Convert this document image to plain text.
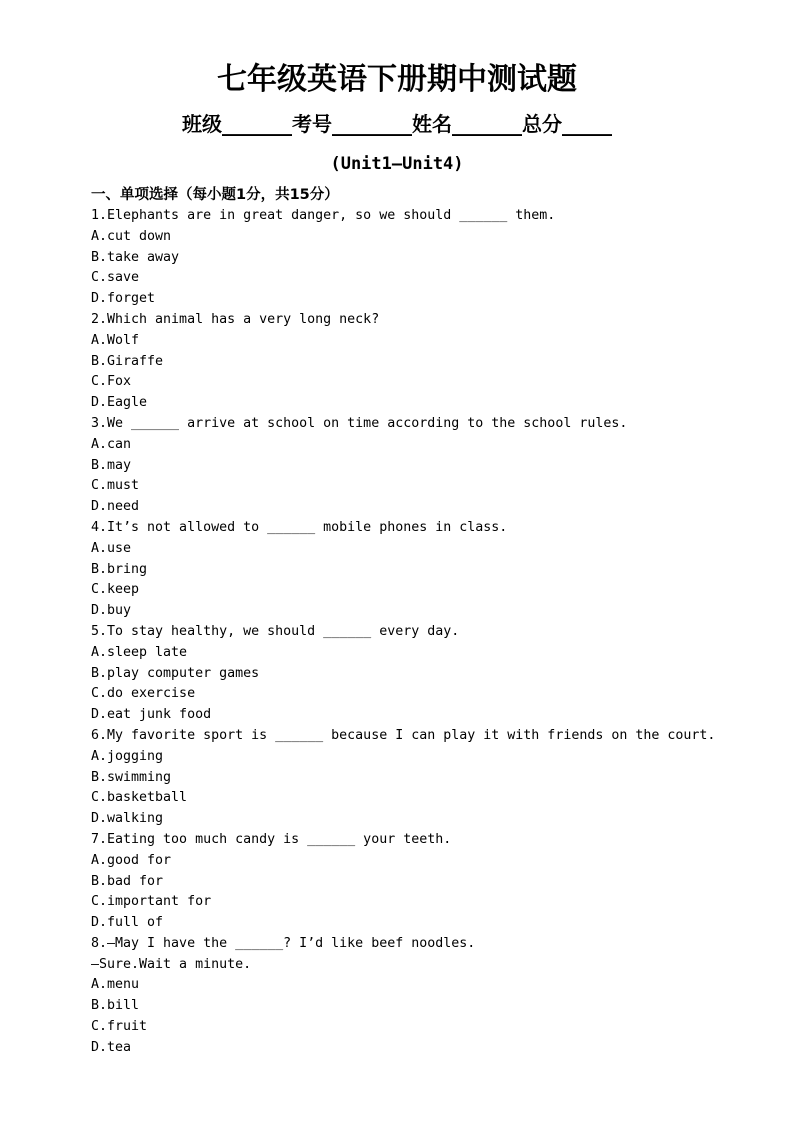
七年级英语下册期中测试题
班级_______考号________姓名_______总分_____
(Unit1—Unit4)
一、单项选择（每小题1分，共15分）
1.Elephants are in great danger, so we should ______ them.
A.cut down
B.take away
C.save
D.forget
2.Which animal has a very long neck?
A.Wolf
B.Giraffe
C.Fox
D.Eagle
3.We ______ arrive at school on time according to the school rules.
A.can
B.may
C.must
D.need
4.It’s not allowed to ______ mobile phones in class.
A.use
B.bring
C.keep
D.buy
5.To stay healthy, we should ______ every day.
A.sleep late
B.play computer games
C.do exercise
D.eat junk food
6.My favorite sport is ______ because I can play it with friends on the court.
A.jogging
B.swimming
C.basketball
D.walking
7.Eating too much candy is ______ your teeth.
A.good for
B.bad for
C.important for
D.full of
8.—May I have the ______? I’d like beef noodles.
—Sure.Wait a minute.
A.menu
B.bill
C.fruit
D.tea
